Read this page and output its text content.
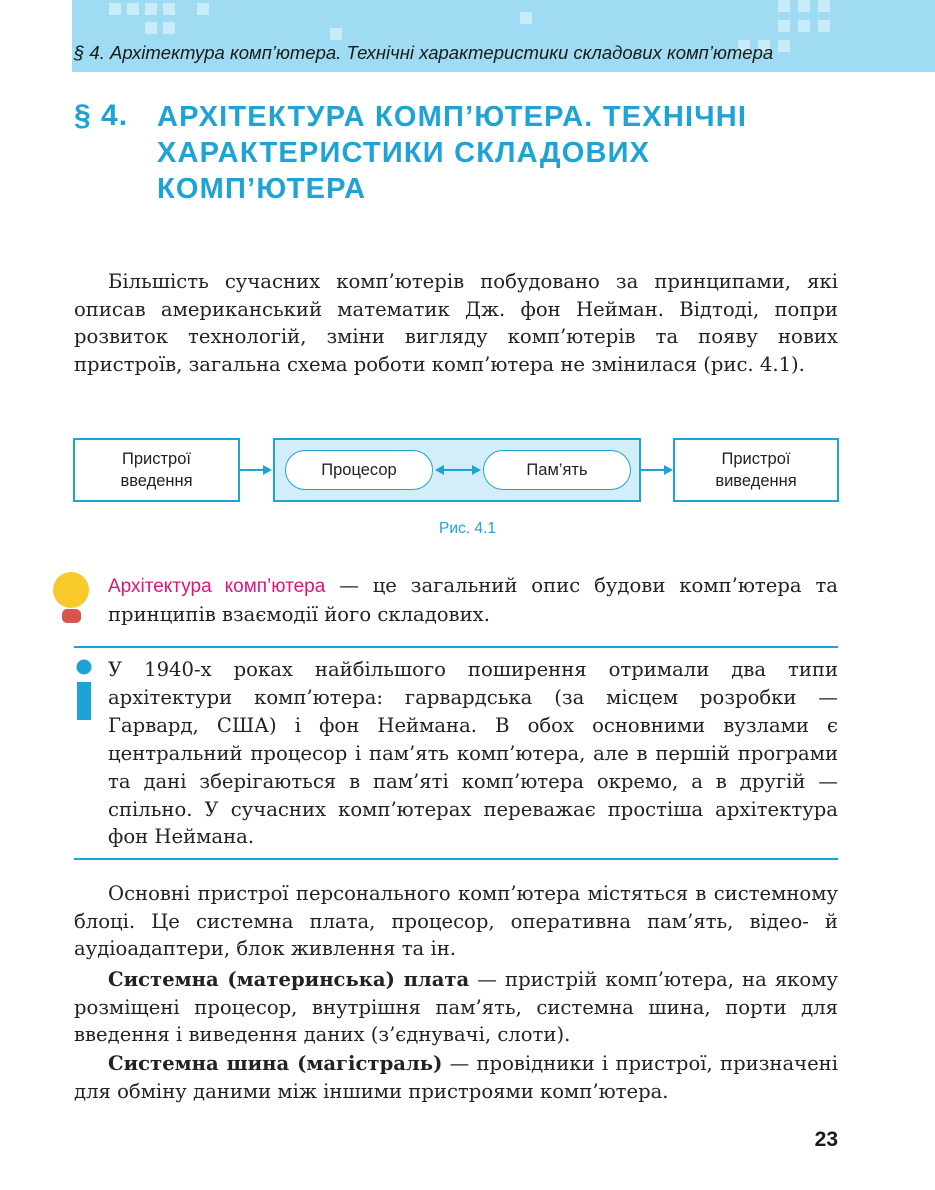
§ 4. Архітектура комп’ютера. Технічні характеристики складових комп’ютера
§ 4. АРХІТЕКТУРА КОМП’ЮТЕРА. ТЕХНІЧНІ
ХАРАКТЕРИСТИКИ СКЛАДОВИХ
КОМП’ЮТЕРА

Більшість сучасних комп’ютерів побудовано за принципами, які описав американський математик Дж. фон Нейман. Відтоді, попри розвиток технологій, зміни вигляду комп’ютерів та появу нових пристроїв, загальна схема роботи комп’ютера не змінилася (рис. 4.1).

Пристрої
введення
Процесор	Пам’ять
Пристрої
виведення
Рис. 4.1

Архітектура комп’ютера — це загальний опис будови комп’ютера та принципів взаємодії його складових.

У 1940-х роках найбільшого поширення отримали два типи архітектури комп’ютера: гарвардська (за місцем розробки — Гарвард, США) і фон Неймана. В обох основними вузлами є центральний процесор і пам’ять комп’ютера, але в першій програми та дані зберігаються в пам’яті комп’ютера окремо, а в другій — спільно. У сучасних комп’ютерах переважає простіша архітектура фон Неймана.

Основні пристрої персонального комп’ютера містяться в системному блоці. Це системна плата, процесор, оперативна пам’ять, відео- й аудіоадаптери, блок живлення та ін.

Системна (материнська) плата — пристрій комп’ютера, на якому розміщені процесор, внутрішня пам’ять, системна шина, порти для введення і виведення даних (з’єднувачі, слоти).

Системна шина (магістраль) — провідники і пристрої, призначені для обміну даними між іншими пристроями комп’ютера.

23
